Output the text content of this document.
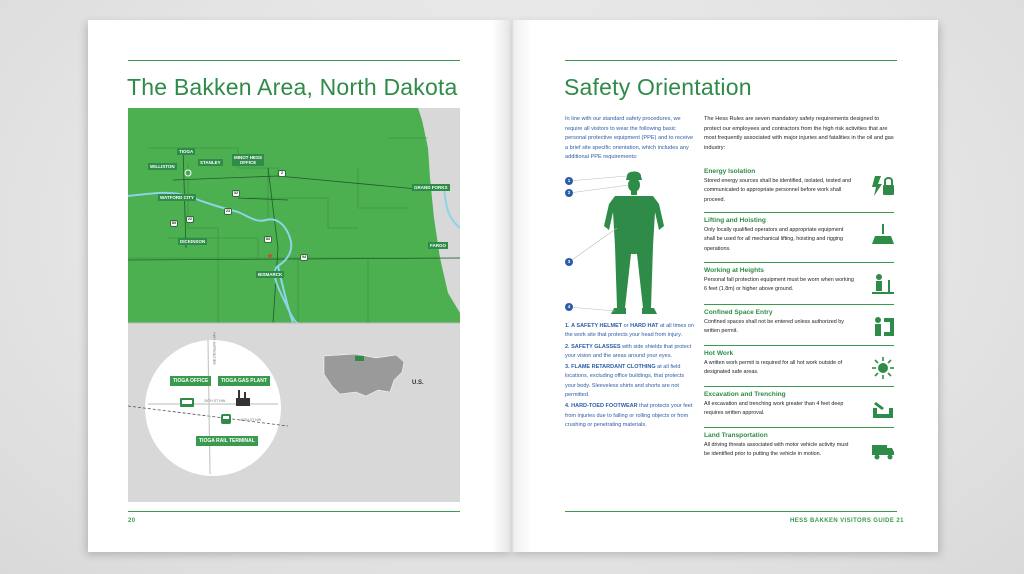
The Bakken Area, North Dakota
TIOGA
WILLISTON
STANLEY
MINOT HESS OFFICE
WATFORD CITY
DICKINSON
BISMARCK
GRAND FORKS
FARGO
2
85
83
52
22
23
94
TIOGA OFFICE	TIOGA GAS PLANT
TIOGA RAIL TERMINAL
HWY 40/FRONTIER
39TH ST NW
40TH ST NW
U.S.
20
Safety Orientation
In line with our standard safety procedures, we require all visitors to wear the following basic personal protective equipment (PPE) and to receive a brief site specific orientation, which includes any additional PPE requirements:
1
2
3
4
1. A SAFETY HELMET or HARD HAT at all times on the work site that protects your head from injury.
2. SAFETY GLASSES with side shields that protect your vision and the areas around your eyes.
3. FLAME RETARDANT CLOTHING at all field locations, excluding office buildings, that protects your body. Sleeveless shirts and shorts are not permitted.
4. HARD-TOED FOOTWEAR that protects your feet from injuries due to falling or rolling objects or from crushing or penetrating materials.
The Hess Rules are seven mandatory safety requirements designed to protect our employees and contractors from the high risk activities that are most frequently associated with major injuries and fatalities in the oil and gas industry:
Energy Isolation
Stored energy sources shall be identified, isolated, tested and communicated to appropriate personnel before work shall proceed.
Lifting and Hoisting
Only locally qualified operators and appropriate equipment shall be used for all mechanical lifting, hoisting and rigging operations.
Working at Heights
Personal fall protection equipment must be worn when working 6 feet (1.8m) or higher above ground.
Confined Space Entry
Confined spaces shall not be entered unless authorized by written permit.
Hot Work
A written work permit is required for all hot work outside of designated safe areas.
Excavation and Trenching
All excavation and trenching work greater than 4 feet deep requires written approval.
Land Transportation
All driving threats associated with motor vehicle activity must be identified prior to putting the vehicle in motion.
HESS BAKKEN VISITORS GUIDE 21
